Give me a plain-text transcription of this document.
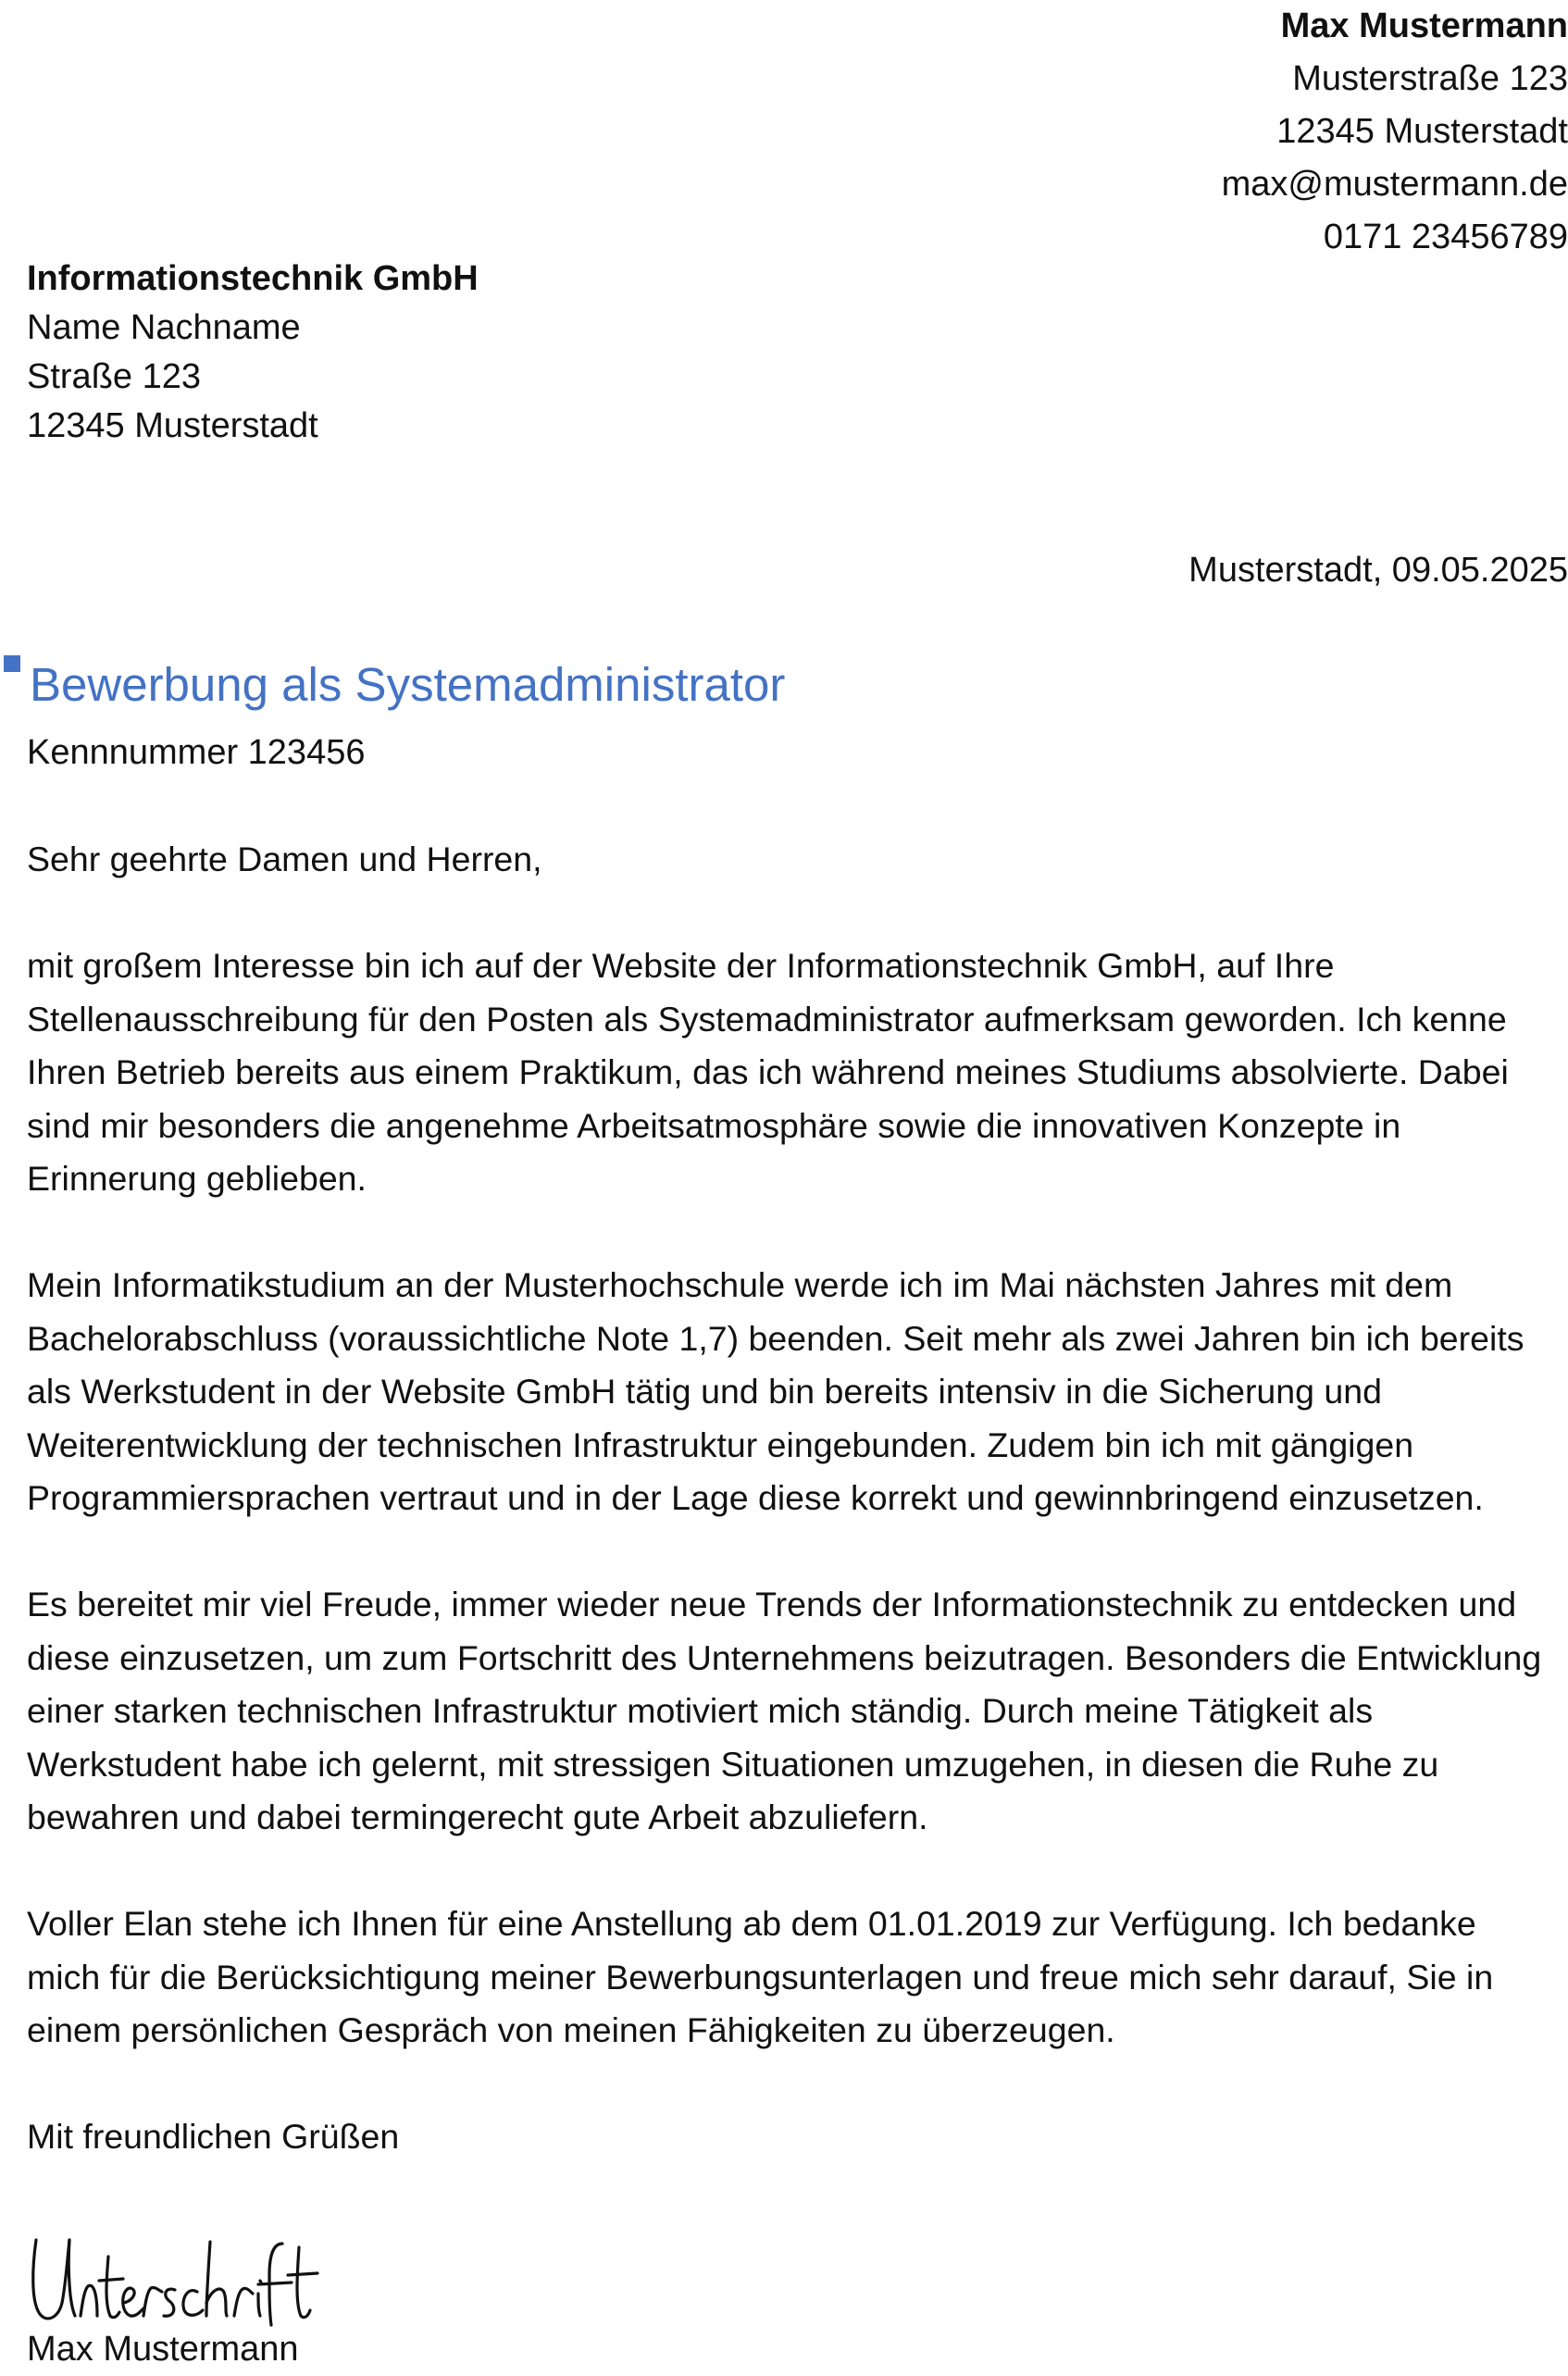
Max Mustermann
Musterstraße 123
12345 Musterstadt
max@mustermann.de
0171 23456789
Informationstechnik GmbH
Name Nachname
Straße 123
12345 Musterstadt
Musterstadt, 09.05.2025
Bewerbung als Systemadministrator
Kennnummer 123456

Sehr geehrte Damen und Herren,

mit großem Interesse bin ich auf der Website der Informationstechnik GmbH, auf Ihre Stellenausschreibung für den Posten als Systemadministrator aufmerksam geworden. Ich kenne Ihren Betrieb bereits aus einem Praktikum, das ich während meines Studiums absolvierte. Dabei sind mir besonders die angenehme Arbeitsatmosphäre sowie die innovativen Konzepte in Erinnerung geblieben.

Mein Informatikstudium an der Musterhochschule werde ich im Mai nächsten Jahres mit dem Bachelorabschluss (voraussichtliche Note 1,7) beenden. Seit mehr als zwei Jahren bin ich bereits als Werkstudent in der Website GmbH tätig und bin bereits intensiv in die Sicherung und Weiterentwicklung der technischen Infrastruktur eingebunden. Zudem bin ich mit gängigen Programmiersprachen vertraut und in der Lage diese korrekt und gewinnbringend einzusetzen.

Es bereitet mir viel Freude, immer wieder neue Trends der Informationstechnik zu entdecken und diese einzusetzen, um zum Fortschritt des Unternehmens beizutragen. Besonders die Entwicklung einer starken technischen Infrastruktur motiviert mich ständig. Durch meine Tätigkeit als Werkstudent habe ich gelernt, mit stressigen Situationen umzugehen, in diesen die Ruhe zu bewahren und dabei termingerecht gute Arbeit abzuliefern.

Voller Elan stehe ich Ihnen für eine Anstellung ab dem 01.01.2019 zur Verfügung. Ich bedanke mich für die Berücksichtigung meiner Bewerbungsunterlagen und freue mich sehr darauf, Sie in einem persönlichen Gespräch von meinen Fähigkeiten zu überzeugen.

Mit freundlichen Grüßen

Max Mustermann
